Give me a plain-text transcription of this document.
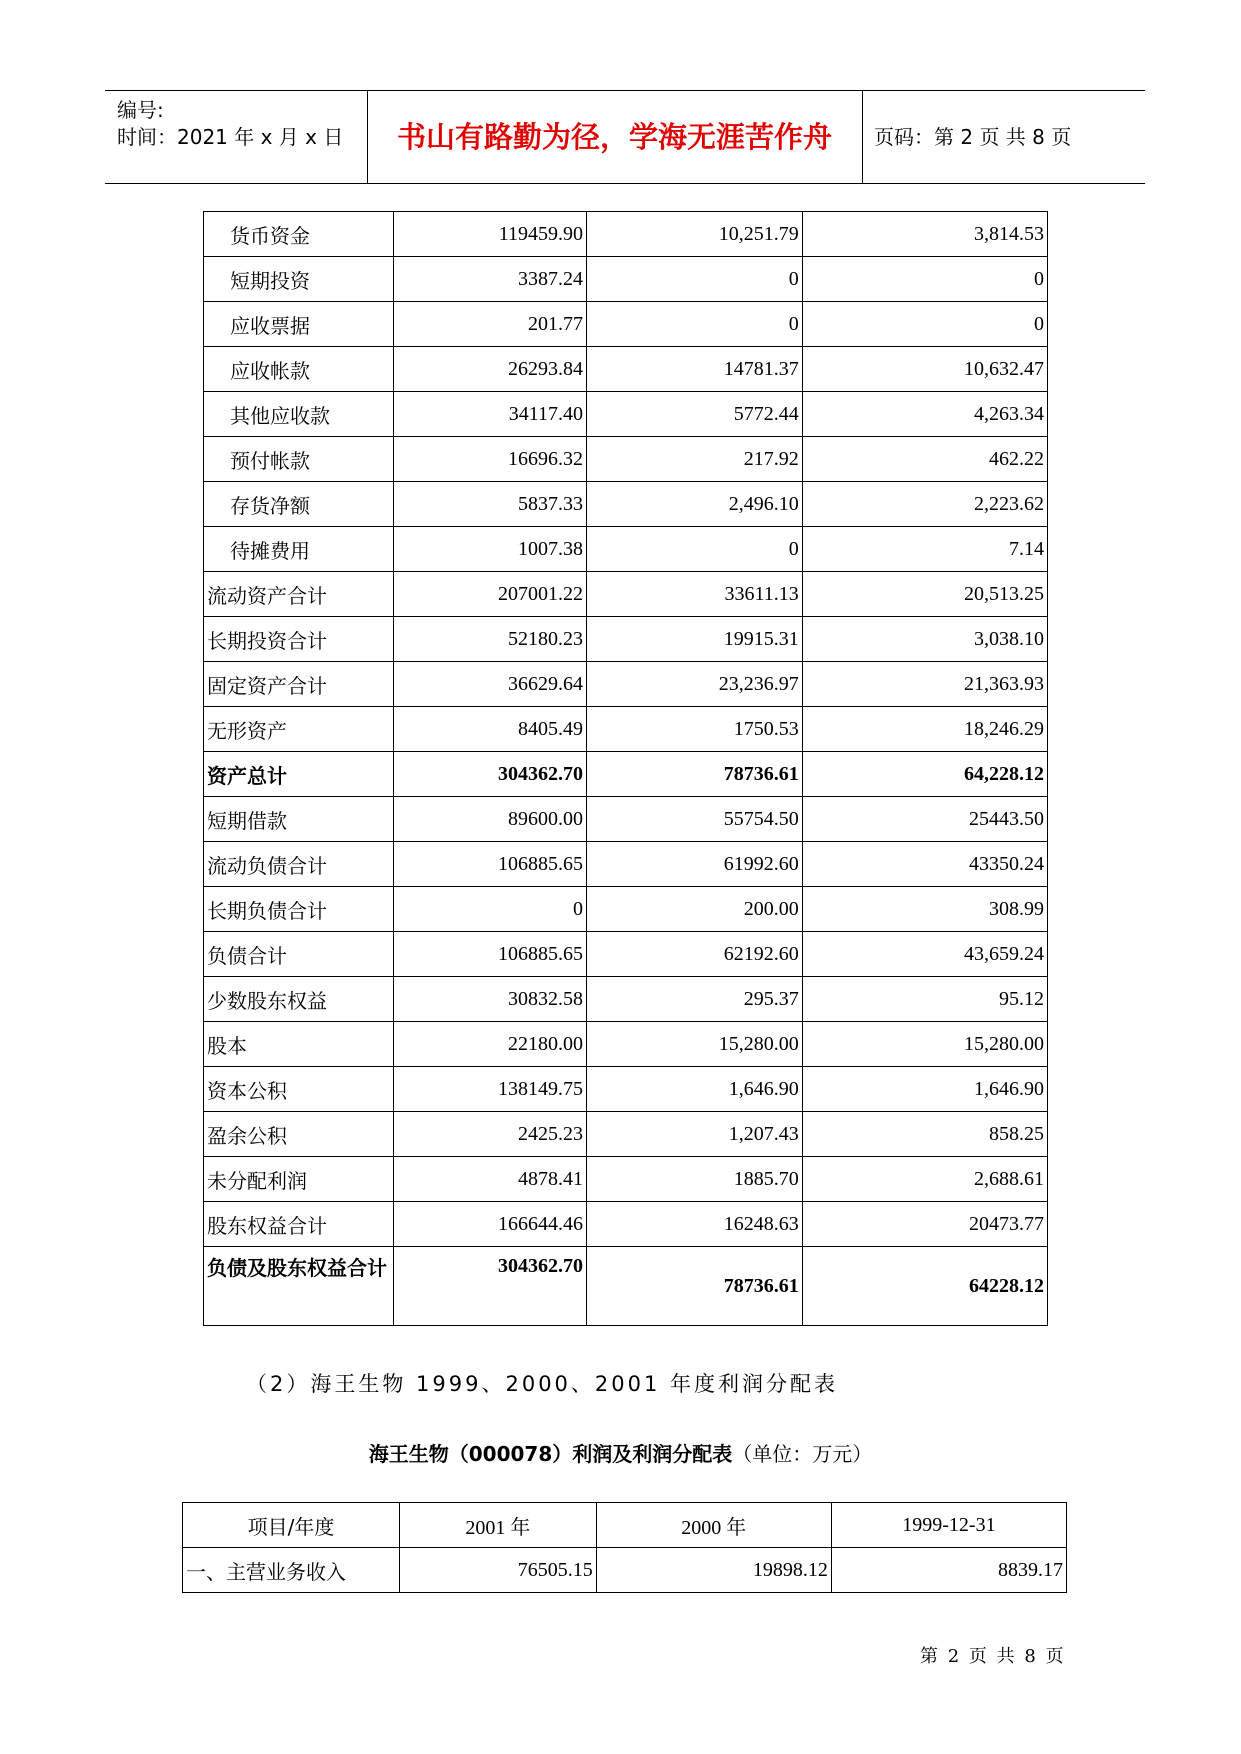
编号:
时间：2021 年 x 月 x 日	书山有路勤为径，学海无涯苦作舟	页码：第 2 页 共 8 页
货币资金	119459.90	10,251.79	3,814.53
短期投资	3387.24	0	0
应收票据	201.77	0	0
应收帐款	26293.84	14781.37	10,632.47
其他应收款	34117.40	5772.44	4,263.34
预付帐款	16696.32	217.92	462.22
存货净额	5837.33	2,496.10	2,223.62
待摊费用	1007.38	0	7.14
流动资产合计	207001.22	33611.13	20,513.25
长期投资合计	52180.23	19915.31	3,038.10
固定资产合计	36629.64	23,236.97	21,363.93
无形资产	8405.49	1750.53	18,246.29
资产总计	304362.70	78736.61	64,228.12
短期借款	89600.00	55754.50	25443.50
流动负债合计	106885.65	61992.60	43350.24
长期负债合计	0	200.00	308.99
负债合计	106885.65	62192.60	43,659.24
少数股东权益	30832.58	295.37	95.12
股本	22180.00	15,280.00	15,280.00
资本公积	138149.75	1,646.90	1,646.90
盈余公积	2425.23	1,207.43	858.25
未分配利润	4878.41	1885.70	2,688.61
股东权益合计	166644.46	16248.63	20473.77
负债及股东权益合计	304362.70	78736.61	64228.12
（2）海王生物 1999、2000、2001 年度利润分配表
海王生物（000078）利润及利润分配表（单位：万元）
项目/年度	2001 年	2000 年	1999-12-31
一、主营业务收入	76505.15	19898.12	8839.17
第 2 页 共 8 页
